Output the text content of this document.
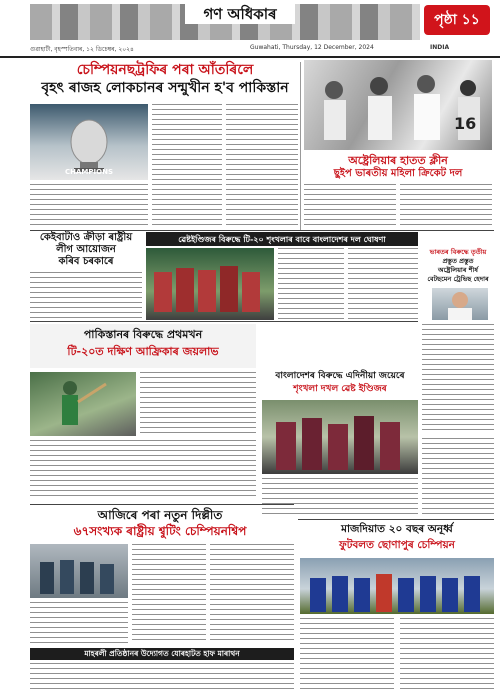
গণ অধিকাৰ	পৃষ্ঠা ১১
গুৱাহাটী, বৃহস্পতিবাৰ, ১২ ডিচেম্বৰ, ২০২৪	Guwahati, Thursday, 12 December, 2024	INDIA
চেম্পিয়নছট্ৰফিৰ পৰা আঁতৰিলে
বৃহৎ ৰাজহ লোকচানৰ সন্মুখীন হ'ব পাকিস্তান
CHAMPIONS
16
অষ্ট্ৰেলিয়াৰ হাতত ক্লীন
ছুইপ ভাৰতীয় মহিলা ক্ৰিকেট দল
কেইবাটাও ক্ৰীড়া ৰাষ্ট্ৰীয়
লীগ আয়োজন
কৰিব চৰকাৰে
ৱেষ্টইণ্ডিজৰ বিৰুদ্ধে টি-২০ শৃংখলাৰ বাবে বাংলাদেশৰ দল ঘোষণা
ভাৰতৰ বিৰুদ্ধে তৃতীয়
প্ৰস্তুত প্ৰস্তুত
অষ্ট্ৰেলিয়াৰ শীৰ্ষ
বেটছমেন ট্ৰেভিছ হেদাৰ
পাকিস্তানৰ বিৰুদ্ধে প্ৰথমখন
টি-২০ত দক্ষিণ আফ্ৰিকাৰ জয়লাভ
বাংলাদেশৰ বিৰুদ্ধে এদিনীয়া জয়েৰে
শৃংখলা দখল ৱেষ্ট ইণ্ডিজৰ
আজিৰে পৰা নতুন দিল্লীত
৬৭সংখ্যক ৰাষ্ট্ৰীয় শ্বুটিং চেম্পিয়নশ্বিপ	মাজদিয়াত ২০ বছৰ অনূৰ্ধ্ব
ফুটবলত ছোণাপুৰ চেম্পিয়ন
মাহৰলী প্ৰতিষ্ঠানৰ উদ্যোগত যোৰহাটত হাফ মাৰাথন
